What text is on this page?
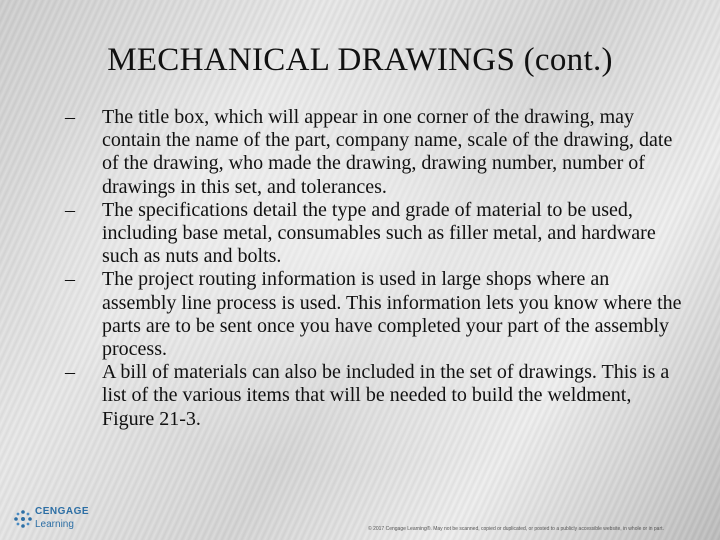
MECHANICAL DRAWINGS (cont.)
–	The title box, which will appear in one corner of the drawing, may contain the name of the part, company name, scale of the drawing, date of the drawing, who made the drawing, drawing number, number of drawings in this set, and tolerances.
–	The specifications detail the type and grade of material to be used, including base metal, consumables such as filler metal, and hardware such as nuts and bolts.
–	The project routing information is used in large shops where an assembly line process is used. This information lets you know where the parts are to be sent once you have completed your part of the assembly process.
–	A bill of materials can also be included in the set of drawings. This is a list of the various items that will be needed to build the weldment, Figure 21-3.
CENGAGE
Learning	© 2017 Cengage Learning®. May not be scanned, copied or duplicated, or posted to a publicly accessible website, in whole or in part.
